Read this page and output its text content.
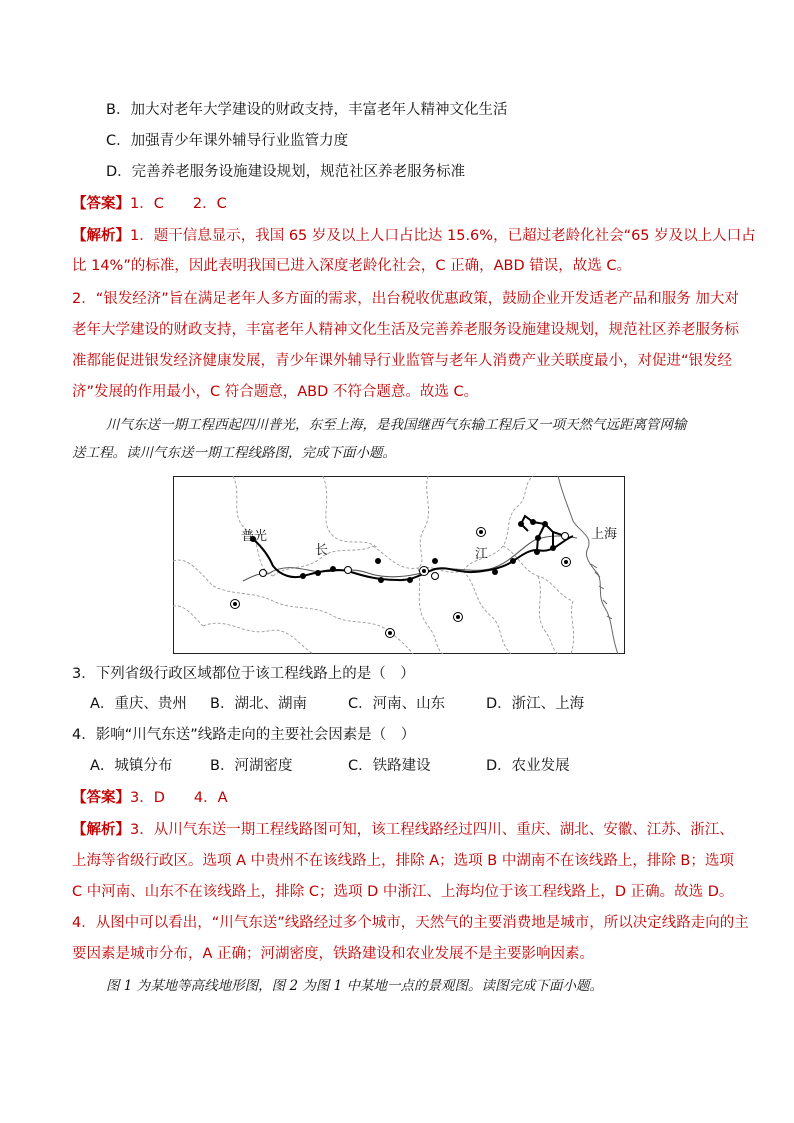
B．加大对老年大学建设的财政支持，丰富老年人精神文化生活
C．加强青少年课外辅导行业监管力度
D．完善养老服务设施建设规划，规范社区养老服务标准
【答案】1．C　　2．C
【解析】1．题干信息显示，我国 65 岁及以上人口占比达 15.6%，已超过老龄化社会“65 岁及以上人口占
比 14%”的标准，因此表明我国已进入深度老龄化社会，C 正确，ABD 错误，故选 C。
2．“银发经济”旨在满足老年人多方面的需求，出台税收优惠政策，鼓励企业开发适老产品和服务 加大对
老年大学建设的财政支持，丰富老年人精神文化生活及完善养老服务设施建设规划，规范社区养老服务标
准都能促进银发经济健康发展，青少年课外辅导行业监管与老年人消费产业关联度最小，对促进“银发经
济”发展的作用最小，C 符合题意，ABD 不符合题意。故选 C。
川气东送一期工程西起四川普光，东至上海，是我国继西气东输工程后又一项天然气远距离管网输
送工程。读川气东送一期工程线路图，完成下面小题。
普光
长	江
上海
3．下列省级行政区域都位于该工程线路上的是（　）
A．重庆、贵州 B．湖北、湖南	C．河南、山东	D．浙江、上海
4．影响“川气东送”线路走向的主要社会因素是（　）
A．城镇分布	B．河湖密度	C．铁路建设	D．农业发展
【答案】3．D　　4．A
【解析】3．从川气东送一期工程线路图可知，该工程线路经过四川、重庆、湖北、安徽、江苏、浙江、
上海等省级行政区。选项 A 中贵州不在该线路上，排除 A；选项 B 中湖南不在该线路上，排除 B；选项
C 中河南、山东不在该线路上，排除 C；选项 D 中浙江、上海均位于该工程线路上，D 正确。故选 D。
4．从图中可以看出，“川气东送”线路经过多个城市，天然气的主要消费地是城市，所以决定线路走向的主
要因素是城市分布，A 正确；河湖密度，铁路建设和农业发展不是主要影响因素。
图 1 为某地等高线地形图，图 2 为图 1 中某地一点的景观图。读图完成下面小题。
